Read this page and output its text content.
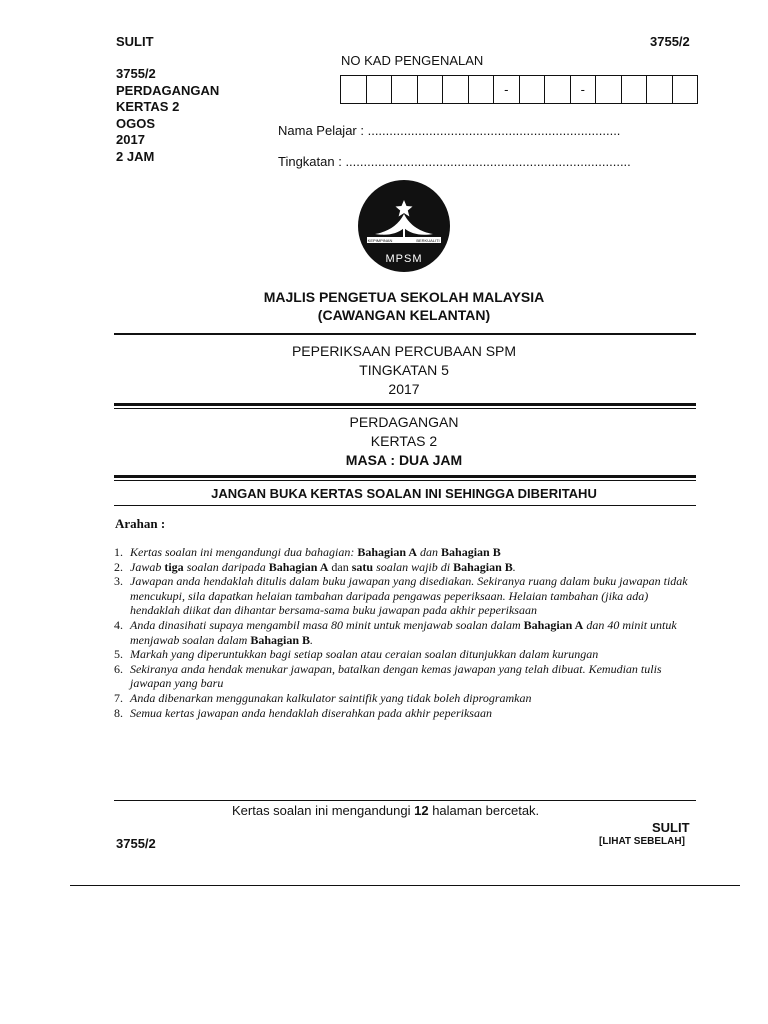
SULIT	3755/2
3755/2
PERDAGANGAN
KERTAS 2
OGOS
2017
2 JAM
NO KAD PENGENALAN
-	-
Nama Pelajar : ......................................................................
Tingkatan : ...............................................................................
KEPIMPINAN	BERKUALITI
MPSM
MAJLIS PENGETUA SEKOLAH MALAYSIA
(CAWANGAN KELANTAN)
PEPERIKSAAN PERCUBAAN SPM
TINGKATAN 5
2017
PERDAGANGAN
KERTAS 2
MASA : DUA JAM
JANGAN BUKA KERTAS SOALAN INI SEHINGGA DIBERITAHU
Arahan :
1. Kertas soalan ini mengandungi dua bahagian: Bahagian A dan Bahagian B
2. Jawab tiga soalan daripada Bahagian A dan satu soalan wajib di Bahagian B.
3. Jawapan anda hendaklah ditulis dalam buku jawapan yang disediakan. Sekiranya ruang dalam buku jawapan tidak mencukupi, sila dapatkan helaian tambahan daripada pengawas peperiksaan. Helaian tambahan (jika ada) hendaklah diikat dan dihantar bersama-sama buku jawapan pada akhir peperiksaan
4. Anda dinasihati supaya mengambil masa 80 minit untuk menjawab soalan dalam Bahagian A dan 40 minit untuk menjawab soalan dalam Bahagian B.
5. Markah yang diperuntukkan bagi setiap soalan atau ceraian soalan ditunjukkan dalam kurungan
6. Sekiranya anda hendak menukar jawapan, batalkan dengan kemas jawapan yang telah dibuat. Kemudian tulis jawapan yang baru
7. Anda dibenarkan menggunakan kalkulator saintifik yang tidak boleh diprogramkan
8. Semua kertas jawapan anda hendaklah diserahkan pada akhir peperiksaan
Kertas soalan ini mengandungi 12 halaman bercetak.
3755/2
SULIT
[LIHAT SEBELAH]
